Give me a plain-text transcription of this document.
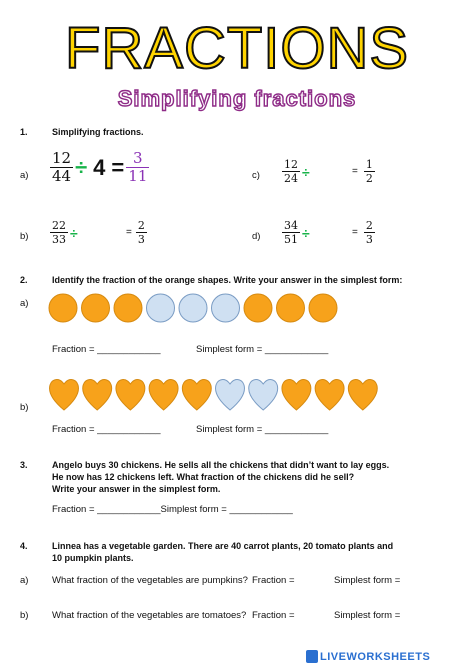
FRACTIONS
Simplifying fractions
1.	Simplifying fractions.
$a) \frac{12}{44} \div 4 = \frac{3}{11}$	$c) \frac{12}{24}$ ÷	= $\frac{1}{2}$
$b) \frac{22}{33}$ ÷	= $\frac{2}{3}$	$d) \frac{34}{51}$ ÷	= $\frac{2}{3}$
2.	Identify the fraction of the orange shapes. Write your answer in the simplest form:
a)
Fraction = ____________	Simplest form = ____________
b)
Fraction = ____________	Simplest form = ____________
3.	Angelo buys 30 chickens. He sells all the chickens that didn’t want to lay eggs.
He now has 12 chickens left. What fraction of the chickens did he sell?
Write your answer in the simplest form.
Fraction = ____________Simplest form = ____________
4.	Linnea has a vegetable garden. There are 40 carrot plants, 20 tomato plants and
10 pumpkin plants.
a) What fraction of the vegetables are pumpkins? Fraction =	Simplest form =
b) What fraction of the vegetables are tomatoes? Fraction =	Simplest form =
LIVEWORKSHEETS
